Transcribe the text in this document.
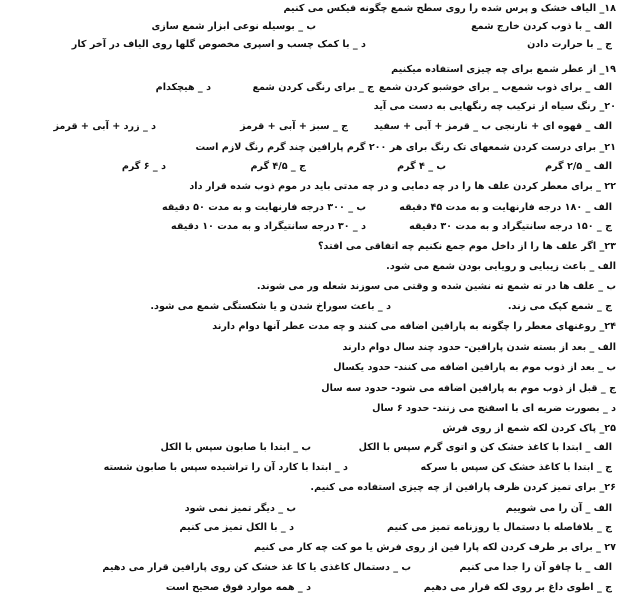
۱۸_ الیاف خشک و پرس شده را روی سطح شمع چگونه فیکس می کنیم

الف _ با ذوب کردن خارج شمع
ب _ بوسیله نوعی ابزار شمع سازی
ج _ با حرارت دادن
د _ با کمک چسب و اسپری مخصوص گلها روی الیاف در آخر کار

۱۹_ از عطر شمع برای چه چیزی استفاده میکنیم

الف _ برای ذوب شمع
ب _ برای خوشبو کردن شمع
ج _ برای رنگی کردن شمع
د _ هیچکدام

۲۰_ رنگ سیاه از ترکیب چه رنگهایی به دست می آید

الف _ قهوه ای + نارنجی
ب _ قرمز + آبی + سفید
ج _ سبز + آبی + قرمز
د _ زرد + آبی + قرمز

۲۱_ برای درست کردن شمعهای تک رنگ برای هر ۲۰۰ گرم پارافین چند گرم رنگ لازم است

الف _ ۲/۵ گرم
ب _ ۴ گرم
ج _ ۴/۵ گرم
د _ ۶ گرم

۲۲ _ برای معطر کردن علف ها را در چه دمایی و در چه مدتی باید در موم ذوب شده قرار داد

الف _ ۱۸۰ درجه فارنهایت و به مدت ۴۵ دقیقه
ب _ ۳۰۰ درجه فارنهایت و به مدت ۵۰ دقیقه
ج _ ۱۵۰ درجه سانتیگراد و به مدت ۳۰ دقیقه
د _ ۳۰ درجه سانتیگراد و به مدت ۱۰ دقیقه

۲۳_ اگر علف ها را از داخل موم جمع نکنیم چه اتفاقی می افتد؟

الف _ باعث زیبایی و رویایی بودن شمع می شود.

ب _ علف ها در ته شمع ته نشین شده و وقتی می سوزند شعله ور می شوند.

ج _ شمع کپک می زند.
د _ باعث سوراخ شدن و یا شکستگی شمع می شود.

۲۴_ روغنهای معطر را چگونه به پارافین اضافه می کنند و چه مدت عطر آنها دوام دارند

الف _ بعد از بسته شدن پارافین- حدود چند سال دوام دارند

ب _ بعد از ذوب موم به پارافین اضافه می کنند- حدود یکسال

ج _ قبل از ذوب موم به پارافین اضافه می شود- حدود سه سال

د _ بصورت ضربه ای با اسفنج می زنند- حدود ۶ سال

۲۵_ پاک کردن لکه شمع از روی فرش

الف _ ابتدا با کاغذ خشک کن و اتوی گرم سپس با الکل
ب _ ابتدا با صابون سپس با الکل
ج _ ابتدا با کاغذ خشک کن سپس با سرکه
د _ ابتدا با کارد آن را تراشیده سپس با صابون شسته

۲۶_ برای تمیز کردن ظرف پارافین از چه چیزی استفاده می کنیم.

الف _ آن را می شوییم
ب _ دیگر تمیز نمی شود
ج _ بلافاصله با دستمال یا روزنامه تمیز می کنیم
د _ با الکل تمیز می کنیم

۲۷ _ برای بر طرف کردن لکه پارا فین از روی فرش یا مو کت چه کار می کنیم

الف _ با چاقو آن را جدا می کنیم
ب _ دستمال کاغذی یا کا غذ خشک کن روی پارافین قرار می دهیم
ج _ اطوی داغ بر روی لکه قرار می دهیم
د _ همه موارد فوق صحیح است
